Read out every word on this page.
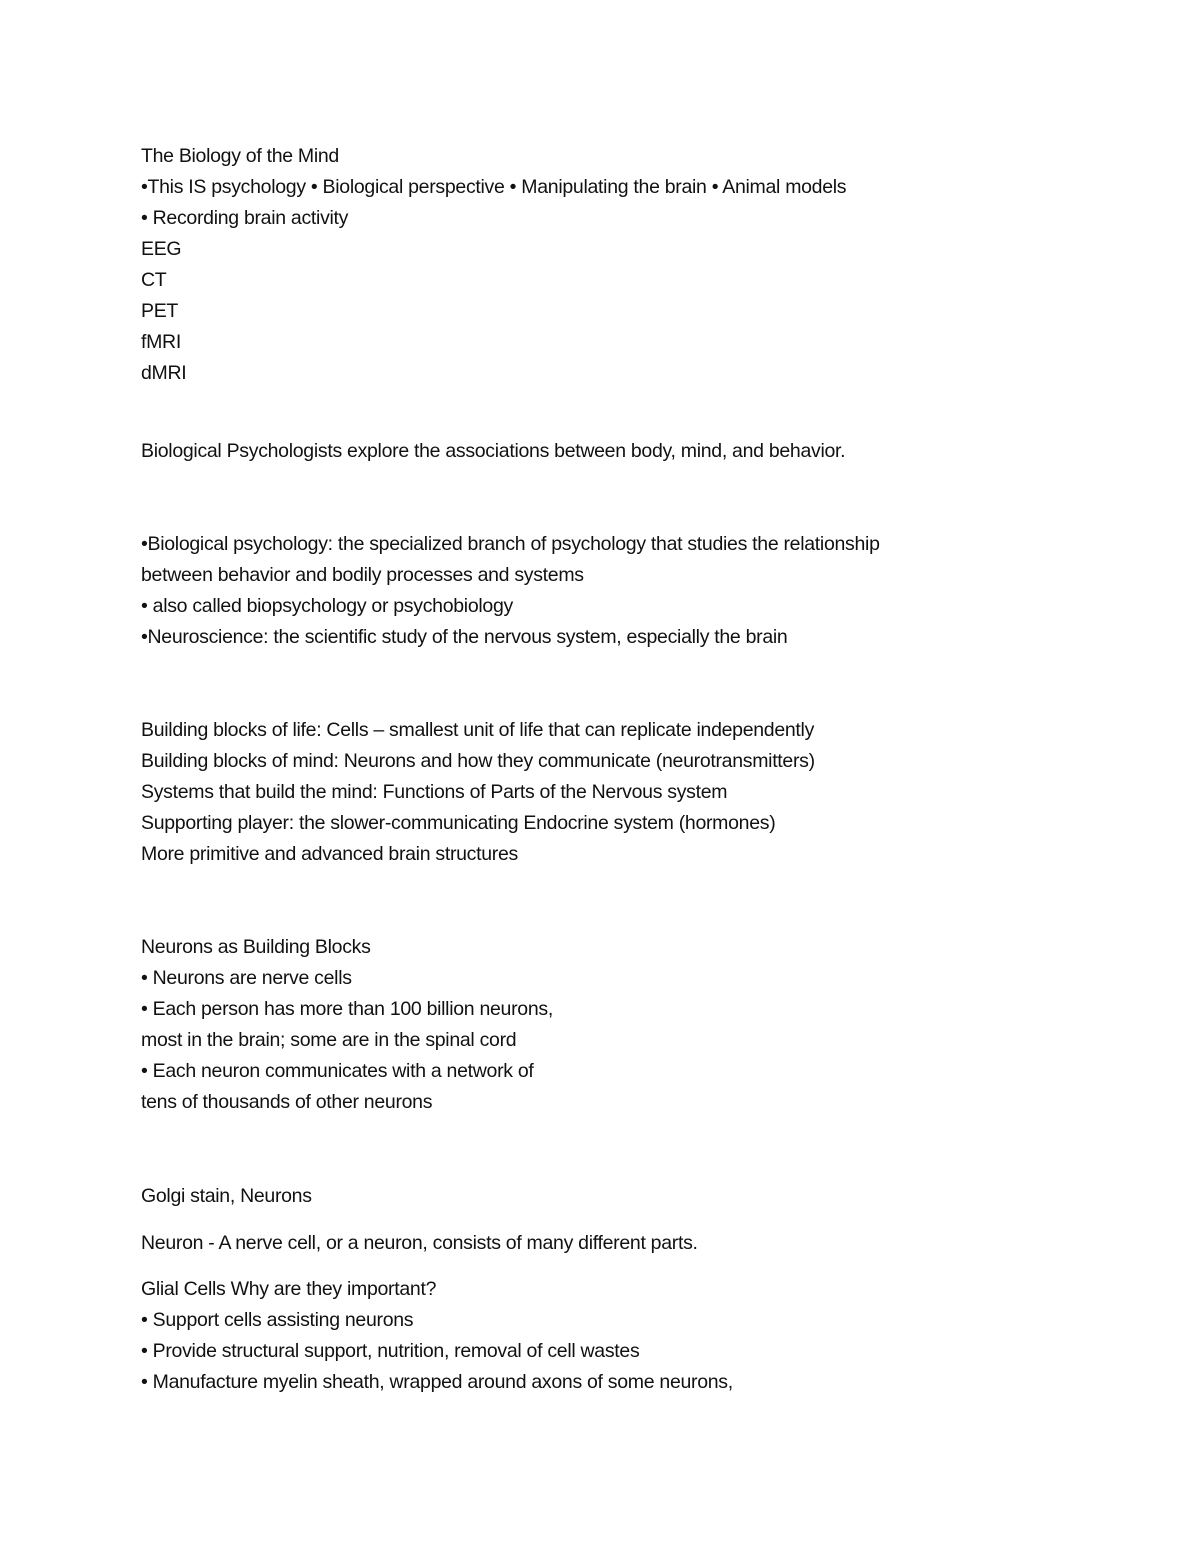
The Biology of the Mind

•This IS psychology • Biological perspective • Manipulating the brain • Animal models

• Recording brain activity

EEG

CT

PET

fMRI

dMRI

Biological Psychologists explore the associations between body, mind, and behavior.

•Biological psychology: the specialized branch of psychology that studies the relationship

between behavior and bodily processes and systems

• also called biopsychology or psychobiology

•Neuroscience: the scientific study of the nervous system, especially the brain

Building blocks of life: Cells – smallest unit of life that can replicate independently

Building blocks of mind: Neurons and how they communicate (neurotransmitters)

Systems that build the mind: Functions of Parts of the Nervous system

Supporting player: the slower-communicating Endocrine system (hormones)

More primitive and advanced brain structures

Neurons as Building Blocks

• Neurons are nerve cells

• Each person has more than 100 billion neurons,

most in the brain; some are in the spinal cord

• Each neuron communicates with a network of

tens of thousands of other neurons

Golgi stain, Neurons

Neuron - A nerve cell, or a neuron, consists of many different parts.

Glial Cells Why are they important?

• Support cells assisting neurons

• Provide structural support, nutrition, removal of cell wastes

• Manufacture myelin sheath, wrapped around axons of some neurons,
